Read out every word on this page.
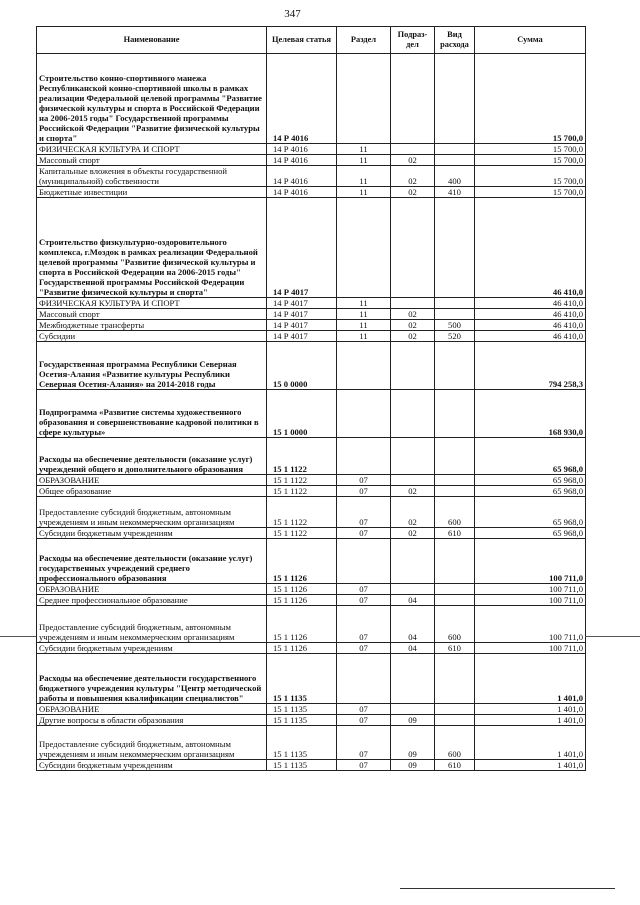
347
Наименование	Целевая статья	Раздел	Подраз- дел	Вид расхода	Сумма
Строительство конно-спортивного манежа Республиканской конно-спортивной школы в рамках реализации Федеральной целевой программы "Развитие физической культуры и спорта в Российской Федерации на 2006-2015 годы" Государственной программы Российской Федерации "Развитие физической культуры и спорта"	14 Р 4016				15 700,0
ФИЗИЧЕСКАЯ КУЛЬТУРА И СПОРТ	14 Р 4016	11			15 700,0
Массовый спорт	14 Р 4016	11	02		15 700,0
Капитальные вложения в объекты государственной (муниципальной) собственности	14 Р 4016	11	02	400	15 700,0
Бюджетные инвестиции	14 Р 4016	11	02	410	15 700,0
Строительство физкультурно-оздоровительного комплекса, г.Моздок в рамках реализации Федеральной целевой программы "Развитие физической культуры и спорта в Российской Федерации на 2006-2015 годы" Государственной программы Российской Федерации "Развитие физической культуры и спорта"	14 Р 4017				46 410,0
ФИЗИЧЕСКАЯ КУЛЬТУРА И СПОРТ	14 Р 4017	11			46 410,0
Массовый спорт	14 Р 4017	11	02		46 410,0
Межбюджетные трансферты	14 Р 4017	11	02	500	46 410,0
Субсидии	14 Р 4017	11	02	520	46 410,0
Государственная программа Республики Северная Осетия-Алания «Развитие культуры Республики Северная Осетия-Алания» на 2014-2018 годы	15 0 0000				794 258,3
Подпрограмма «Развитие системы художественного образования и совершенствование кадровой политики в сфере культуры»	15 1 0000				168 930,0
Расходы на обеспечение деятельности (оказание услуг) учреждений общего и дополнительного образования	15 1 1122				65 968,0
ОБРАЗОВАНИЕ	15 1 1122	07			65 968,0
Общее образование	15 1 1122	07	02		65 968,0
Предоставление субсидий бюджетным, автономным учреждениям и иным некоммерческим организациям	15 1 1122	07	02	600	65 968,0
Субсидии бюджетным учреждениям	15 1 1122	07	02	610	65 968,0
Расходы на обеспечение деятельности (оказание услуг) государственных учреждений среднего профессионального образования	15 1 1126				100 711,0
ОБРАЗОВАНИЕ	15 1 1126	07			100 711,0
Среднее профессиональное образование	15 1 1126	07	04		100 711,0
Предоставление субсидий бюджетным, автономным учреждениям и иным некоммерческим организациям	15 1 1126	07	04	600	100 711,0
Субсидии бюджетным учреждениям	15 1 1126	07	04	610	100 711,0
Расходы на обеспечение деятельности государственного бюджетного учреждения культуры "Центр методической работы и повышения квалификации специалистов"	15 1 1135				1 401,0
ОБРАЗОВАНИЕ	15 1 1135	07			1 401,0
Другие вопросы в области образования	15 1 1135	07	09		1 401,0
Предоставление субсидий бюджетным, автономным учреждениям и иным некоммерческим организациям	15 1 1135	07	09	600	1 401,0
Субсидии бюджетным учреждениям	15 1 1135	07	09	610	1 401,0
